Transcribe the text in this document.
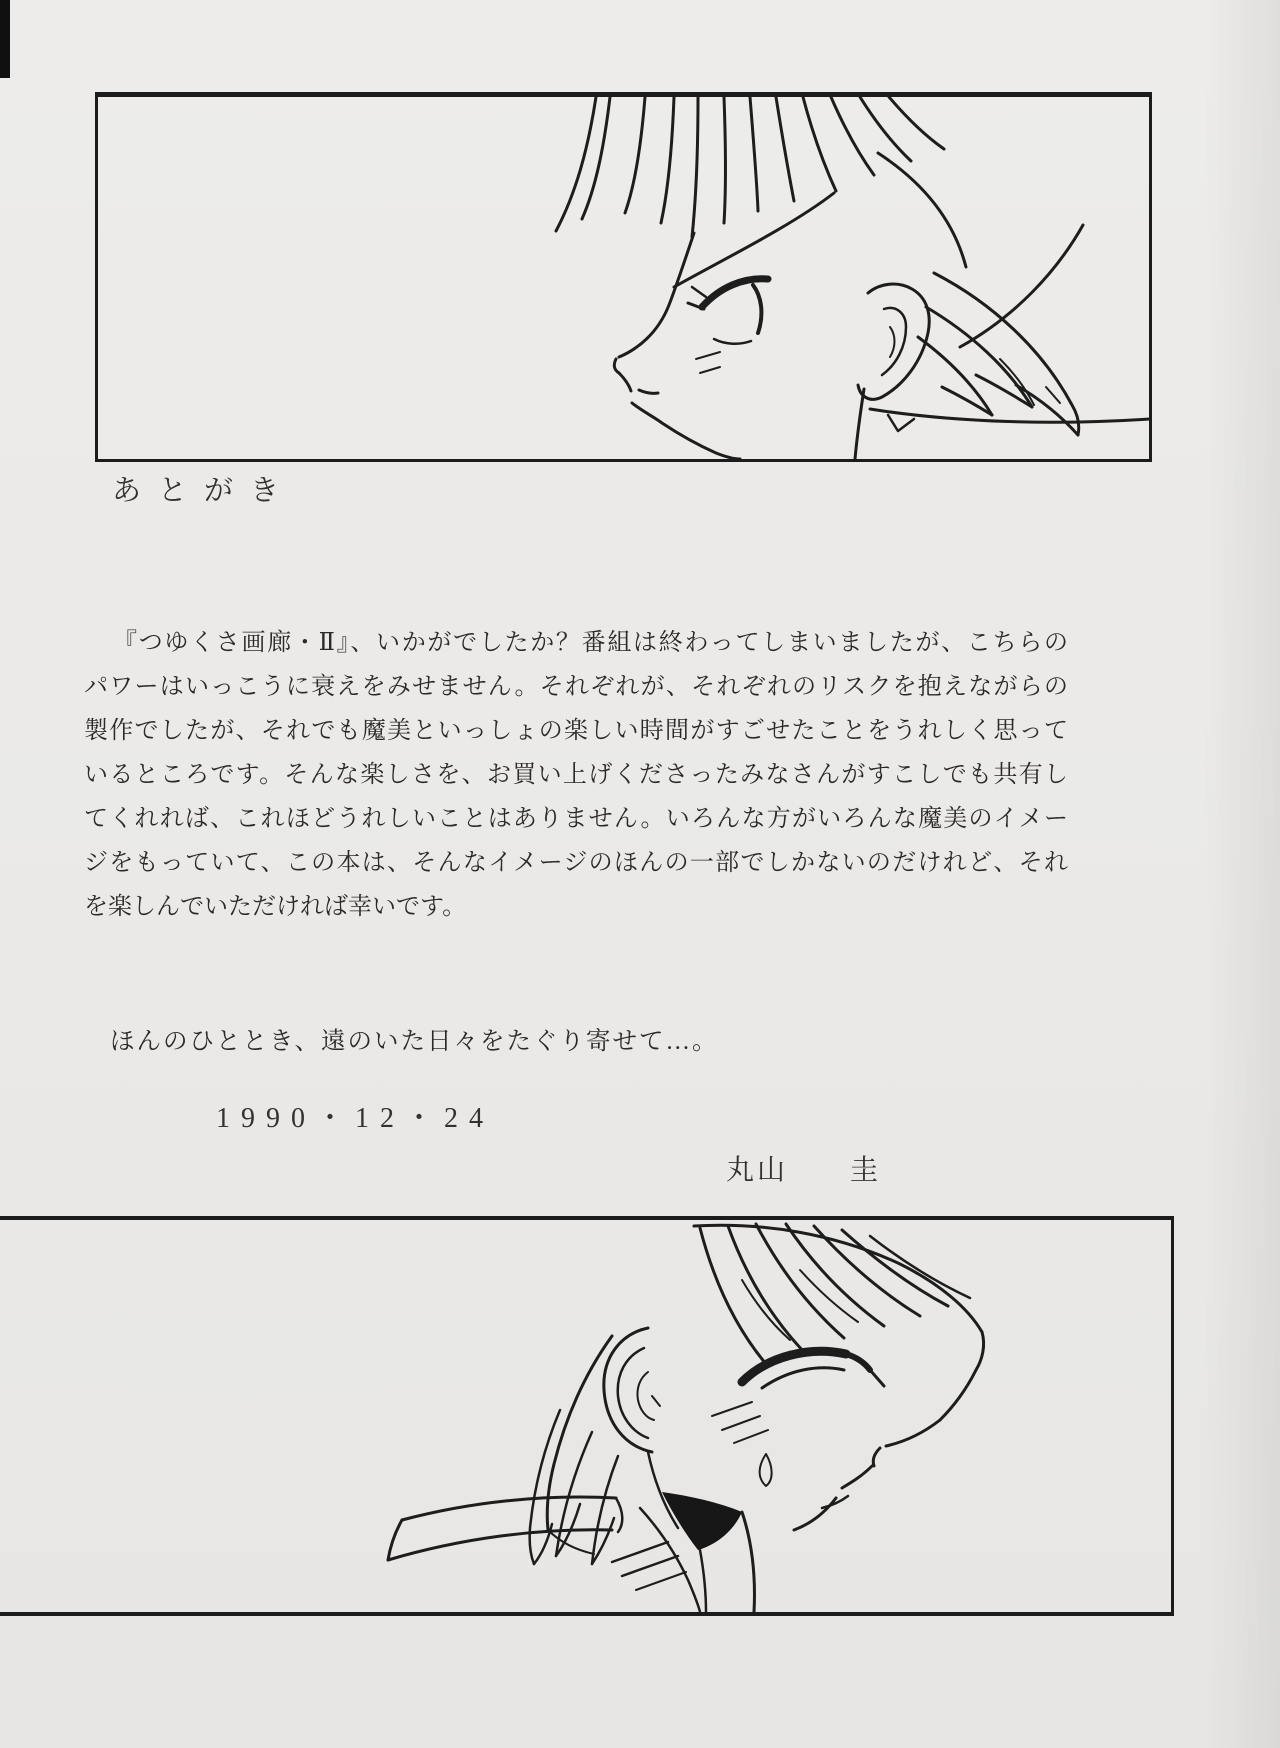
あとがき
『つゆくさ画廊・Ⅱ』、いかがでしたか？番組は終わってしまいましたが、こちらの
パワーはいっこうに衰えをみせません。それぞれが、それぞれのリスクを抱えながらの
製作でしたが、それでも魔美といっしょの楽しい時間がすごせたことをうれしく思って
いるところです。そんな楽しさを、お買い上げくださったみなさんがすこしでも共有し
てくれれば、これほどうれしいことはありません。いろんな方がいろんな魔美のイメー
ジをもっていて、この本は、そんなイメージのほんの一部でしかないのだけれど、それ
を楽しんでいただければ幸いです。
ほんのひととき、遠のいた日々をたぐり寄せて…。
1990・12・24
丸山　　圭
